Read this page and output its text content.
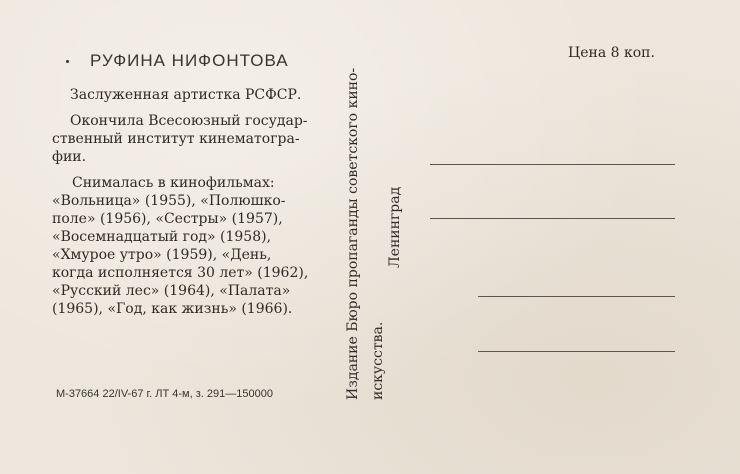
РУФИНА НИФОНТОВА
Заслуженная артистка РСФСР.
Окончила Всесоюзный государ-
ственный институт кинематогра-
фии.
Снималась в кинофильмах:
«Вольница» (1955), «Полюшко-
поле» (1956), «Сестры» (1957),
«Восемнадцатый год» (1958),
«Хмурое утро» (1959), «День,
когда исполняется 30 лет» (1962),
«Русский лес» (1964), «Палата»
(1965), «Год, как жизнь» (1966).
М-37664 22/IV-67 г. ЛТ 4-м, з. 291—150000	Издание Бюро пропаганды советского кино- искусства.
Ленинград
Цена 8 коп.
